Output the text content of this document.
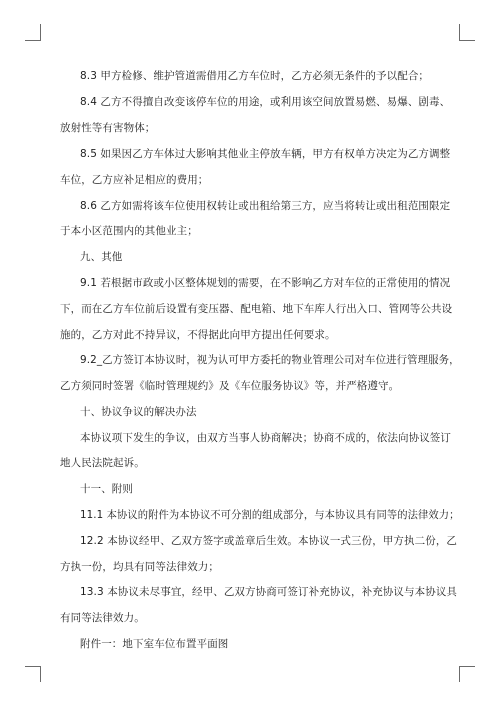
8.3 甲方检修、维护管道需借用乙方车位时，乙方必须无条件的予以配合；
8.4 乙方不得擅自改变该停车位的用途，或利用该空间放置易燃、易爆、剧毒、
放射性等有害物体；
8.5 如果因乙方车体过大影响其他业主停放车辆，甲方有权单方决定为乙方调整
车位，乙方应补足相应的费用；
8.6 乙方如需将该车位使用权转让或出租给第三方，应当将转让或出租范围限定
于本小区范围内的其他业主；
九、其他
9.1 若根据市政或小区整体规划的需要，在不影响乙方对车位的正常使用的情况
下，而在乙方车位前后设置有变压器、配电箱、地下车库人行出入口、管网等公共设
施的，乙方对此不持异议，不得据此向甲方提出任何要求。
9.2_乙方签订本协议时，视为认可甲方委托的物业管理公司对车位进行管理服务，
乙方须同时签署《临时管理规约》及《车位服务协议》等，并严格遵守。
十、协议争议的解决办法
本协议项下发生的争议，由双方当事人协商解决；协商不成的，依法向协议签订
地人民法院起诉。
十一、附则
11.1 本协议的附件为本协议不可分割的组成部分，与本协议具有同等的法律效力；
12.2 本协议经甲、乙双方签字或盖章后生效。本协议一式三份，甲方执二份，乙
方执一份，均具有同等法律效力；
13.3 本协议未尽事宜，经甲、乙双方协商可签订补充协议，补充协议与本协议具
有同等法律效力。
附件一：地下室车位布置平面图
